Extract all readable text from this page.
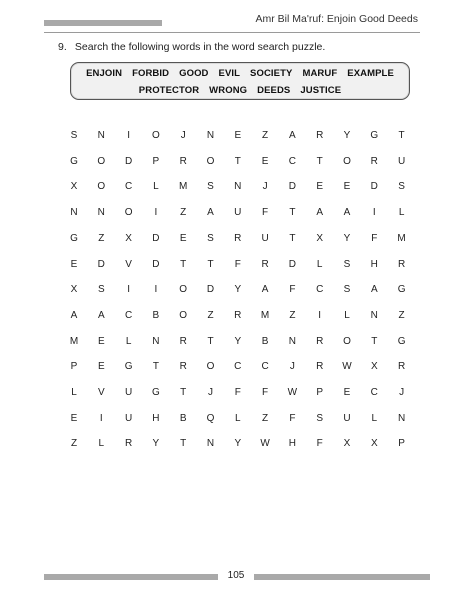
Amr Bil Ma'ruf: Enjoin Good Deeds
9. Search the following words in the word search puzzle.
ENJOIN FORBID GOOD EVIL SOCIETY MARUF EXAMPLE
PROTECTOR WRONG DEEDS JUSTICE
S N	I	O	J	N E Z A R Y G T
G O D P R O T E C T O R U
X O C	L	M S N	J	D E E D S
N N O	I	Z A U F T A A	I	L
G Z X D E S R U T X Y F M
E D V D T T F R D	L	S H R
X S	I	I	O D Y A F C S A G
A A C B O Z R M Z	I	L	N Z
M E	L	N R T Y B N R O T G
P E G T R O C C	J	R W X R
L	V U G T	J	F F W P E C	J
E	I	U H B Q	L	Z F S U	L	N
Z	L	R Y T N Y W H F X X P
105
